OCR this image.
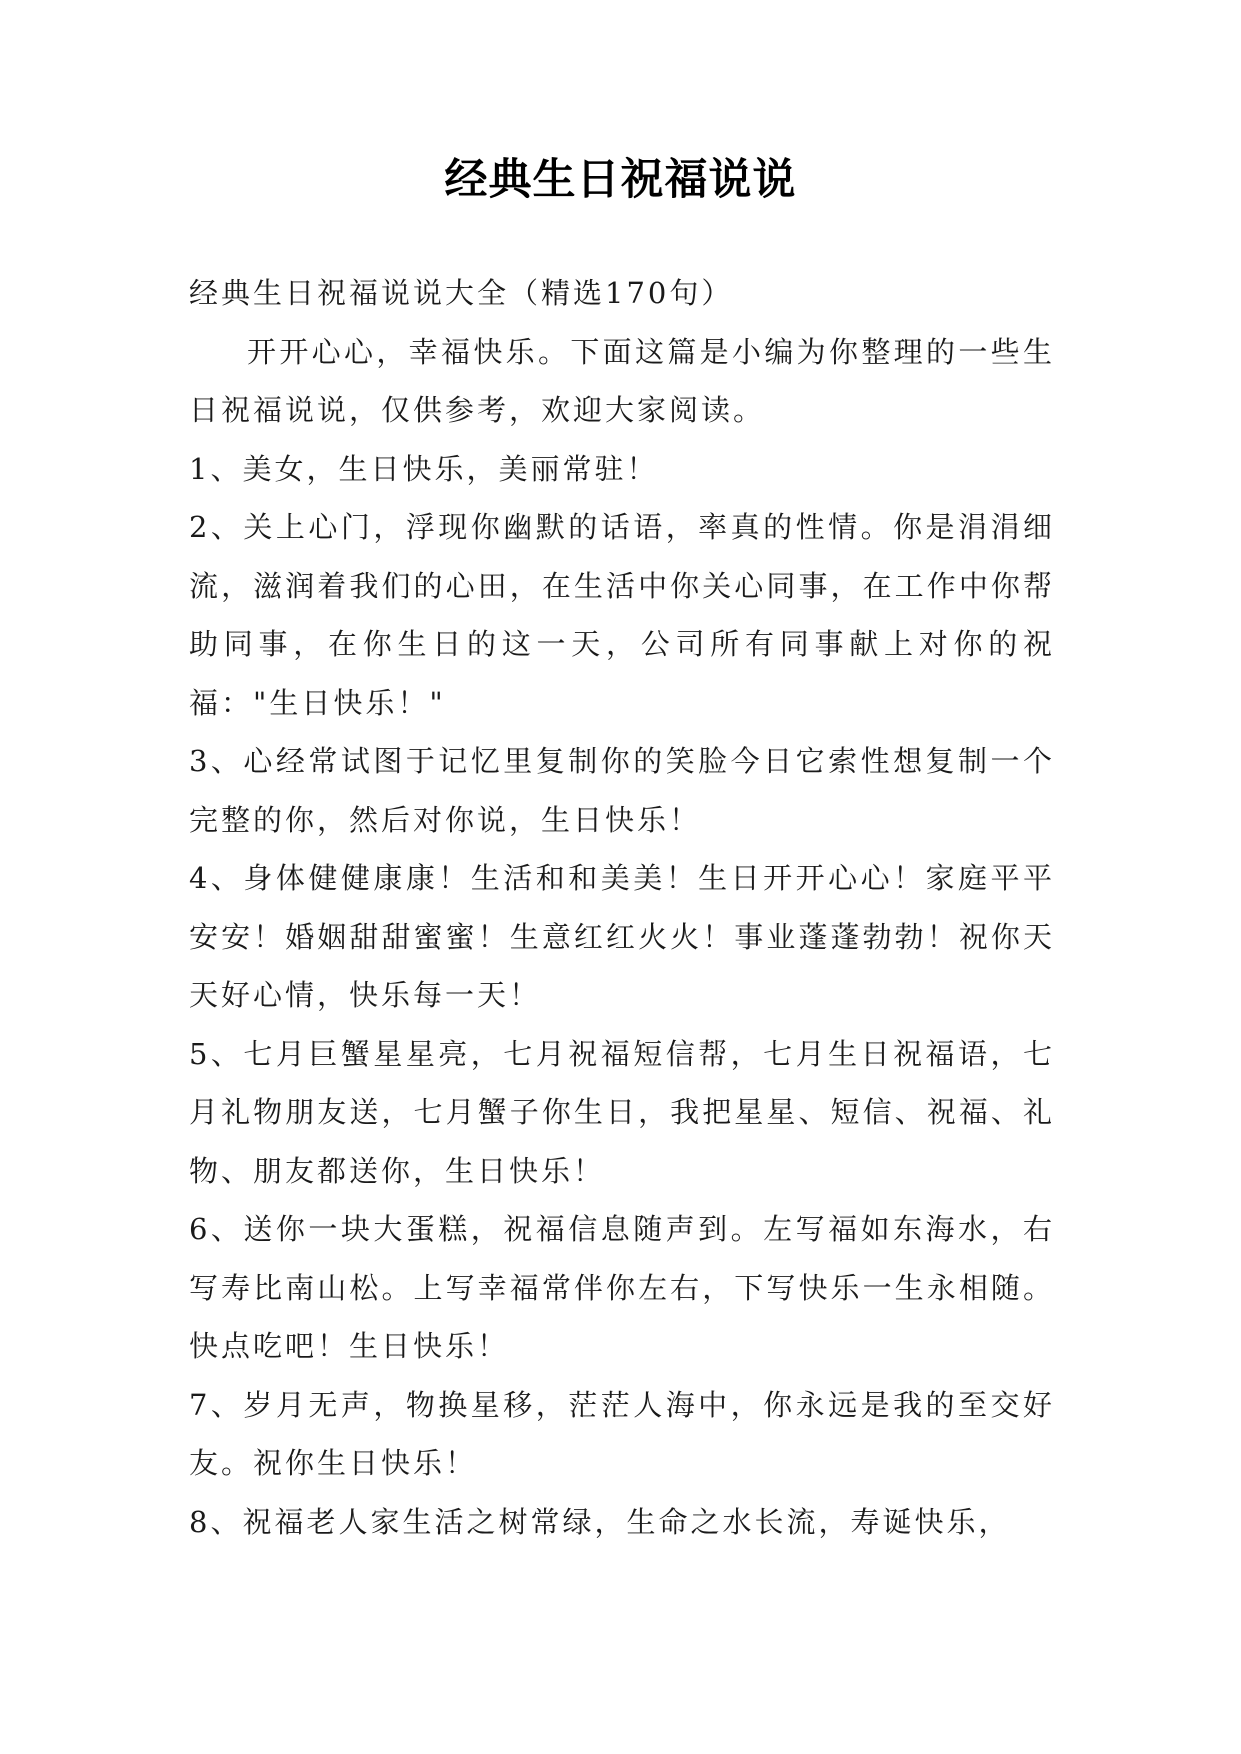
经典生日祝福说说

经典生日祝福说说大全（精选170句）

开开心心，幸福快乐。下面这篇是小编为你整理的一些生日祝福说说，仅供参考，欢迎大家阅读。

1、美女，生日快乐，美丽常驻！

2、关上心门，浮现你幽默的话语，率真的性情。你是涓涓细流，滋润着我们的心田，在生活中你关心同事，在工作中你帮助同事，在你生日的这一天，公司所有同事献上对你的祝福："生日快乐！"

3、心经常试图于记忆里复制你的笑脸今日它索性想复制一个完整的你，然后对你说，生日快乐！

4、身体健健康康！生活和和美美！生日开开心心！家庭平平安安！婚姻甜甜蜜蜜！生意红红火火！事业蓬蓬勃勃！祝你天天好心情，快乐每一天！

5、七月巨蟹星星亮，七月祝福短信帮，七月生日祝福语，七月礼物朋友送，七月蟹子你生日，我把星星、短信、祝福、礼物、朋友都送你，生日快乐！

6、送你一块大蛋糕，祝福信息随声到。左写福如东海水，右写寿比南山松。上写幸福常伴你左右，下写快乐一生永相随。快点吃吧！生日快乐！

7、岁月无声，物换星移，茫茫人海中，你永远是我的至交好友。祝你生日快乐！

8、祝福老人家生活之树常绿，生命之水长流，寿诞快乐，
